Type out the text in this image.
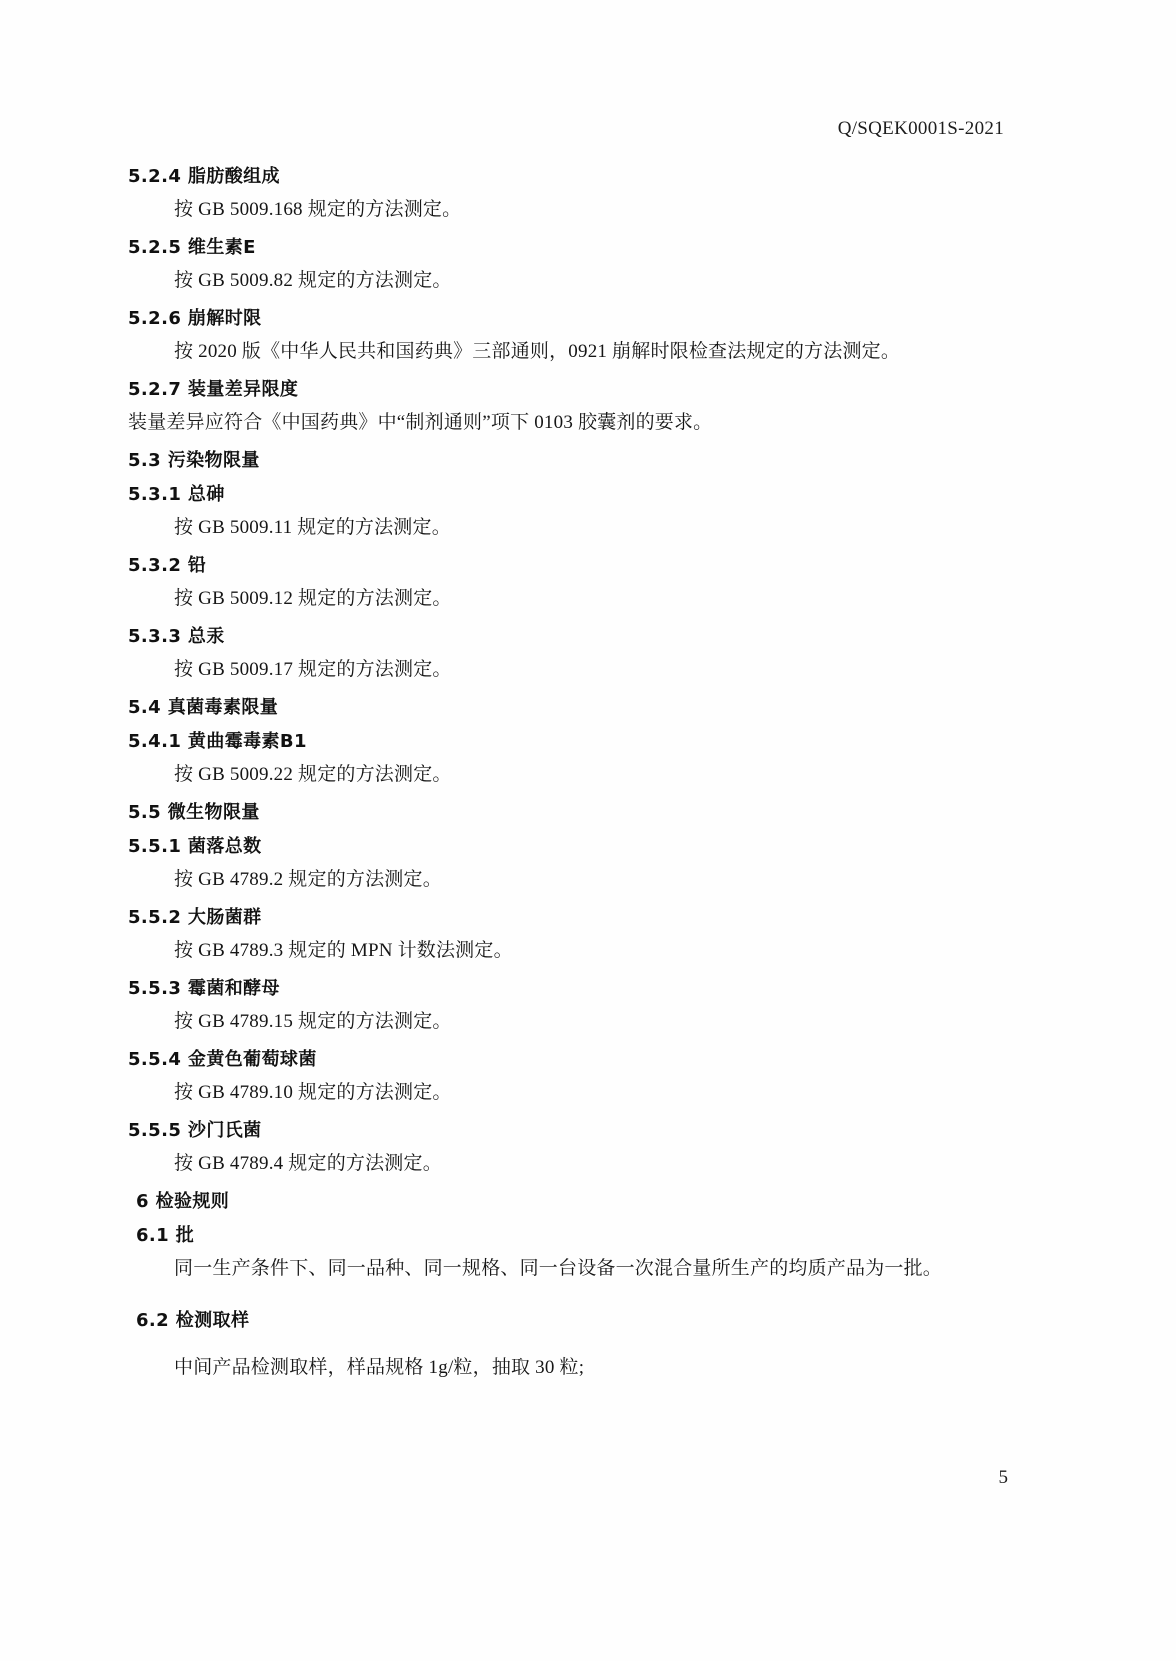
Q/SQEK0001S-2021
5.2.4 脂肪酸组成
按 GB 5009.168 规定的方法测定。
5.2.5 维生素E
按 GB 5009.82 规定的方法测定。
5.2.6 崩解时限
按 2020 版《中华人民共和国药典》三部通则，0921 崩解时限检查法规定的方法测定。
5.2.7 装量差异限度
装量差异应符合《中国药典》中“制剂通则”项下 0103 胶囊剂的要求。
5.3 污染物限量
5.3.1 总砷
按 GB 5009.11 规定的方法测定。
5.3.2 铅
按 GB 5009.12 规定的方法测定。
5.3.3 总汞
按 GB 5009.17 规定的方法测定。
5.4 真菌毒素限量
5.4.1 黄曲霉毒素B1
按 GB 5009.22 规定的方法测定。
5.5 微生物限量
5.5.1 菌落总数
按 GB 4789.2 规定的方法测定。
5.5.2 大肠菌群
按 GB 4789.3 规定的 MPN 计数法测定。
5.5.3 霉菌和酵母
按 GB 4789.15 规定的方法测定。
5.5.4 金黄色葡萄球菌
按 GB 4789.10 规定的方法测定。
5.5.5 沙门氏菌
按 GB 4789.4 规定的方法测定。
6 检验规则
6.1 批
同一生产条件下、同一品种、同一规格、同一台设备一次混合量所生产的均质产品为一批。
6.2 检测取样
中间产品检测取样，样品规格 1g/粒，抽取 30 粒;
5
